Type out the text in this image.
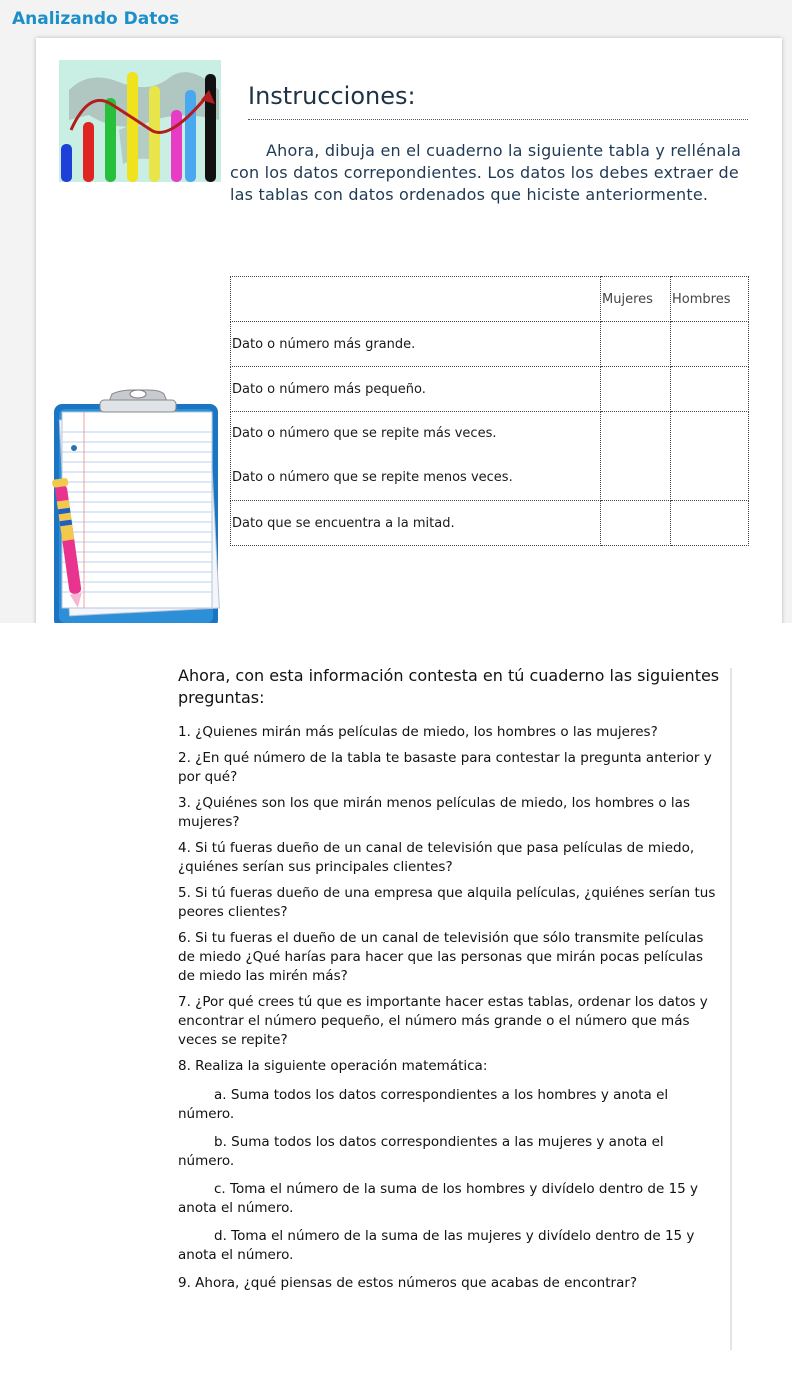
Analizando Datos
Instrucciones:
Ahora, dibuja en el cuaderno la siguiente tabla y rellénala con los datos correpondientes. Los datos los debes extraer de las tablas con datos ordenados que hiciste anteriormente.
	Mujeres	Hombres
Dato o número más grande.		
Dato o número más pequeño.		

Dato o número que se repite más veces.
Dato o número que se repite menos veces.		

Dato que se encuentra a la mitad.		

Ahora, con esta información contesta en tú cuaderno las siguientes preguntas:

1. ¿Quienes mirán más películas de miedo, los hombres o las mujeres?

2. ¿En qué número de la tabla te basaste para contestar la pregunta anterior y por qué?

3. ¿Quiénes son los que mirán menos películas de miedo, los hombres o las mujeres?

4. Si tú fueras dueño de un canal de televisión que pasa películas de miedo, ¿quiénes serían sus principales clientes?

5. Si tú fueras dueño de una empresa que alquila películas, ¿quiénes serían tus peores clientes?

6. Si tu fueras el dueño de un canal de televisión que sólo transmite películas de miedo ¿Qué harías para hacer que las personas que mirán pocas películas de miedo las mirén más?

7. ¿Por qué crees tú que es importante hacer estas tablas, ordenar los datos y encontrar el número pequeño, el número más grande o el número que más veces se repite?

8. Realiza la siguiente operación matemática:

a. Suma todos los datos correspondientes a los hombres y anota el número.

b. Suma todos los datos correspondientes a las mujeres y anota el número.

c. Toma el número de la suma de los hombres y divídelo dentro de 15 y anota el número.

d. Toma el número de la suma de las mujeres y divídelo dentro de 15 y anota el número.

9. Ahora, ¿qué piensas de estos números que acabas de encontrar?
